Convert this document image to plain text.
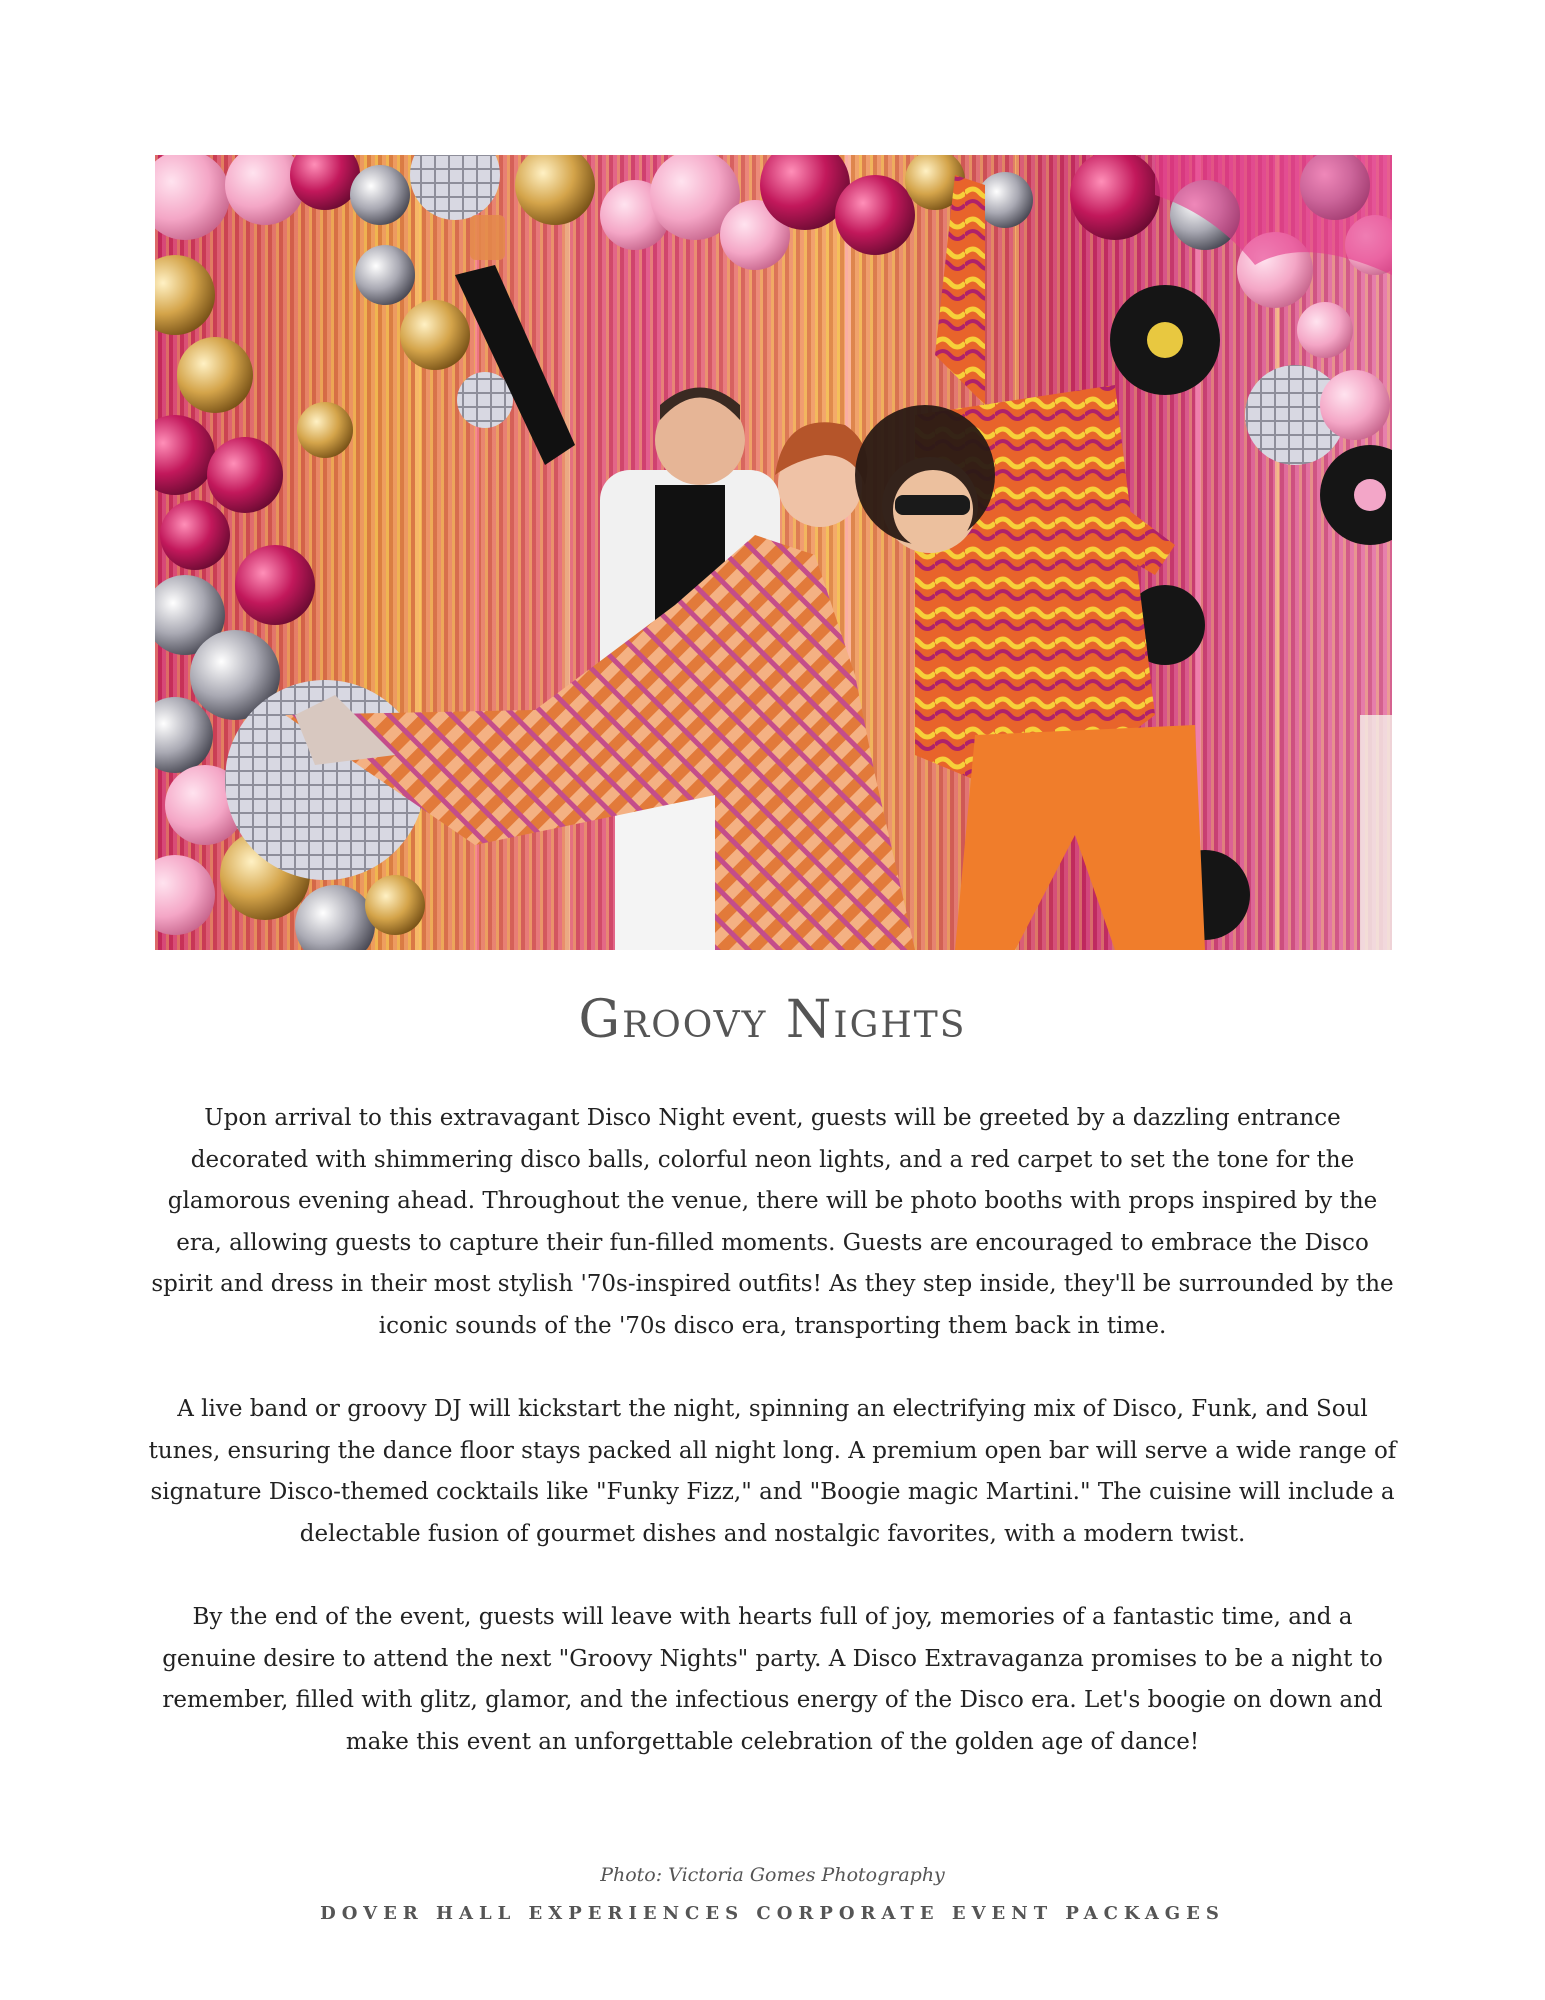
Groovy Nights

Upon arrival to this extravagant Disco Night event, guests will be greeted by a dazzling entrance decorated with shimmering disco balls, colorful neon lights, and a red carpet to set the tone for the glamorous evening ahead. Throughout the venue, there will be photo booths with props inspired by the era, allowing guests to capture their fun-filled moments. Guests are encouraged to embrace the Disco spirit and dress in their most stylish '70s-inspired outfits! As they step inside, they'll be surrounded by the iconic sounds of the '70s disco era, transporting them back in time.

A live band or groovy DJ will kickstart the night, spinning an electrifying mix of Disco, Funk, and Soul tunes, ensuring the dance floor stays packed all night long. A premium open bar will serve a wide range of signature Disco-themed cocktails like "Funky Fizz," and "Boogie magic Martini." The cuisine will include a delectable fusion of gourmet dishes and nostalgic favorites, with a modern twist.

By the end of the event, guests will leave with hearts full of joy, memories of a fantastic time, and a genuine desire to attend the next "Groovy Nights" party. A Disco Extravaganza promises to be a night to remember, filled with glitz, glamor, and the infectious energy of the Disco era. Let's boogie on down and make this event an unforgettable celebration of the golden age of dance!

Photo: Victoria Gomes Photography
DOVER HALL EXPERIENCES CORPORATE EVENT PACKAGES
